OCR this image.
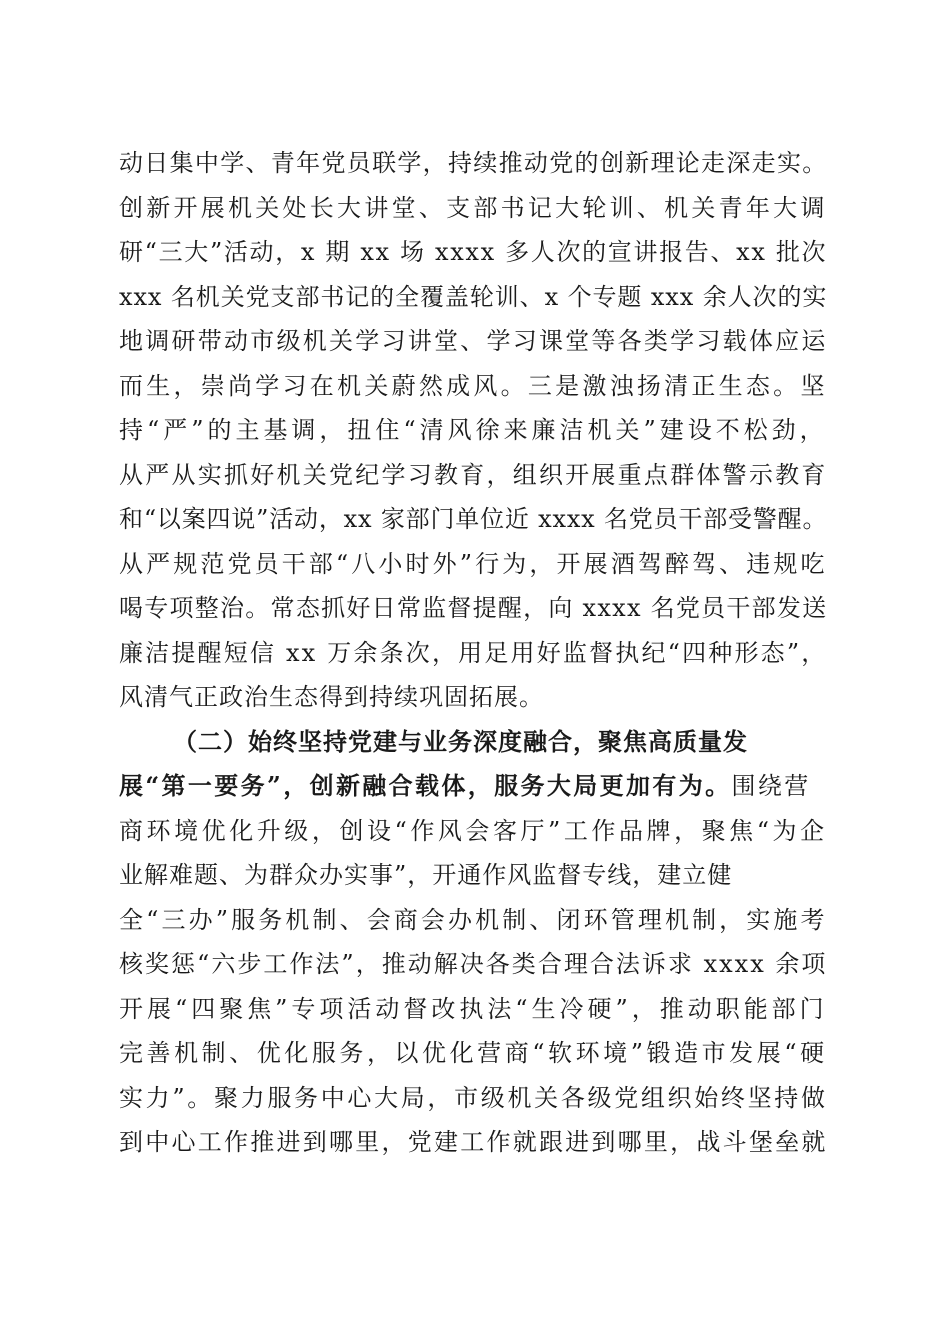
动日集中学、青年党员联学，持续推动党的创新理论走深走实。
创新开展机关处长大讲堂、支部书记大轮训、机关青年大调
研“三大”活动，x 期 xx 场 xxxx 多人次的宣讲报告、xx 批次
xxx 名机关党支部书记的全覆盖轮训、x 个专题 xxx 余人次的实
地调研带动市级机关学习讲堂、学习课堂等各类学习载体应运
而生，崇尚学习在机关蔚然成风。三是激浊扬清正生态。坚
持“严”的主基调，扭住“清风徐来廉洁机关”建设不松劲，
从严从实抓好机关党纪学习教育，组织开展重点群体警示教育
和“以案四说”活动，xx 家部门单位近 xxxx 名党员干部受警醒。
从严规范党员干部“八小时外”行为，开展酒驾醉驾、违规吃
喝专项整治。常态抓好日常监督提醒，向 xxxx 名党员干部发送
廉洁提醒短信 xx 万余条次，用足用好监督执纪“四种形态”，
风清气正政治生态得到持续巩固拓展。
（二）始终坚持党建与业务深度融合，聚焦高质量发
展“第一要务”，创新融合载体，服务大局更加有为。围绕营
商环境优化升级，创设“作风会客厅”工作品牌，聚焦“为企
业解难题、为群众办实事”，开通作风监督专线，建立健
全“三办”服务机制、会商会办机制、闭环管理机制，实施考
核奖惩“六步工作法”，推动解决各类合理合法诉求 xxxx 余项
开展“四聚焦”专项活动督改执法“生冷硬”，推动职能部门
完善机制、优化服务，以优化营商“软环境”锻造市发展“硬
实力”。聚力服务中心大局，市级机关各级党组织始终坚持做
到中心工作推进到哪里，党建工作就跟进到哪里，战斗堡垒就
